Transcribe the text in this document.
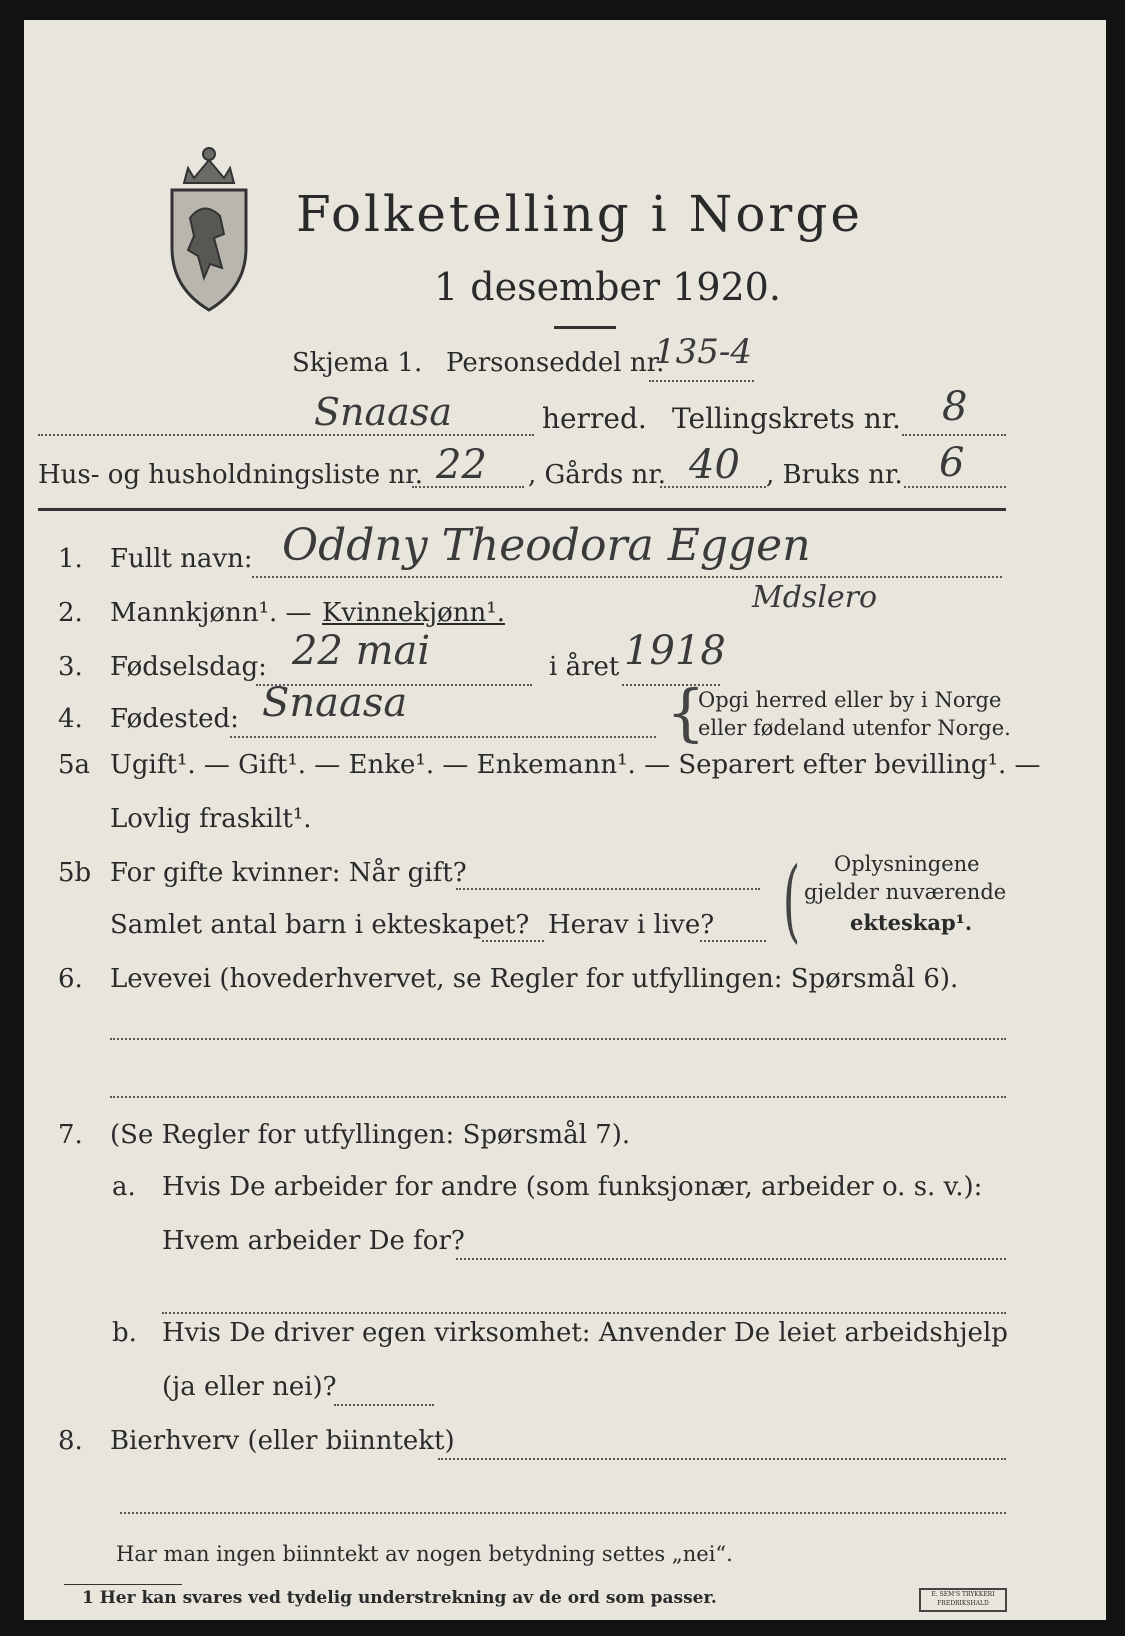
Folketelling i Norge
1 desember 1920.
Skjema 1. Personseddel nr.
135-4
Snaasa	herred. Tellingskrets nr. 8
Hus- og husholdningsliste nr. 22 , Gårds nr. 40 , Bruks nr. 6
1. Fullt navn: Oddny Theodora Eggen
Mdslero
2. Mannkjønn¹. — Kvinnekjønn¹.
3. Fødselsdag: 22 mai	i året 1918
4. Fødested: Snaasa	{
Opgi herred eller by i Norge
eller fødeland utenfor Norge.
5a Ugift¹. — Gift¹. — Enke¹. — Enkemann¹. — Separert efter bevilling¹. —
Lovlig fraskilt¹.
5b For gifte kvinner: Når gift?
Samlet antal barn i ekteskapet? Herav i live? ( Oplysningene
gjelder nuværende
ekteskap¹.
6. Levevei (hovederhvervet, se Regler for utfyllingen: Spørsmål 6).
7. (Se Regler for utfyllingen: Spørsmål 7).
a. Hvis De arbeider for andre (som funksjonær, arbeider o. s. v.):
Hvem arbeider De for?
b. Hvis De driver egen virksomhet: Anvender De leiet arbeidshjelp
(ja eller nei)?
8. Bierhverv (eller biinntekt)
Har man ingen biinntekt av nogen betydning settes „nei“.
1 Her kan svares ved tydelig understrekning av de ord som passer.	E. SEM'S TRYKKERI FREDRIKSHALD
